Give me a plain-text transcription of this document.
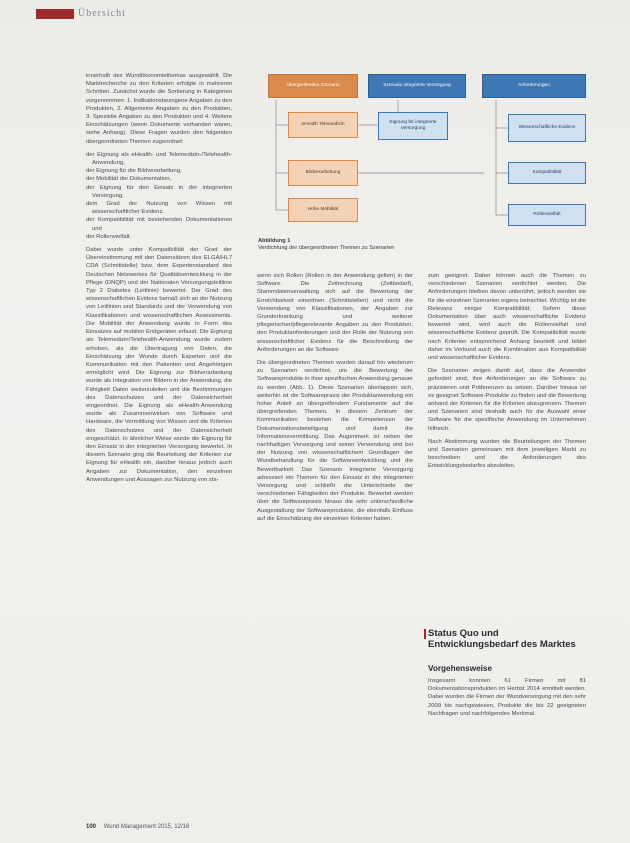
Übersicht

innerhalb des Wundökonomiethemas ausgewählt. Die Marktrecherche zu den Kriterien erfolgte in mehreren Schritten. Zunächst wurde die Sortierung in Kategorien vorgenommen: 1. Indikationsbezogene Angaben zu den Produkten, 2. Allgemeine Angaben zu den Produkten, 3. Spezielle Angaben zu den Produkten und 4. Weitere Einschätzungen (wenn Dokumente vorhanden waren, siehe Anhang). Diese Fragen wurden den folgenden übergeordneten Themen zugeordnet:

der Eignung als eHealth- und Telemedizin-/Telehealth-Anwendung,
der Eignung für die Bildverarbeitung,
der Mobilität der Dokumentation,
der Eignung für den Einsatz in der integrierten Versorgung,
dem Grad der Nutzung von Wissen mit wissenschaftlicher Evidenz,
der Kompatibilität mit bestehenden Dokumentationen und
der Rollenvielfalt.

Dabei wurde unter Kompatibilität der Grad der Übereinstimmung mit den Datensätzen des ELGA/HL7 CDA (Schnittstelle) bzw. dem Expertenstandard des Deutschen Netzwerkes für Qualitätsentwicklung in der Pflege (DNQP) und der Nationalen Versorgungsleitlinie Typ 2 Diabetes (Leitlinie) bewertet. Der Grad des wissenschaftlichen Evidenz bemaß sich an der Nutzung von Leitlinien und Standards und der Verwendung von Klassifikationen und wissenschaftlichen Assessments. Die Mobilität der Anwendung wurde in Form des Einsatzes auf mobilen Endgeräten erfasst. Die Eignung als Telemedizin/Telehealth-Anwendung wurde zudem erhoben, als die Übertragung von Daten, die Einschätzung der Wunde durch Experten und die Kommunikation mit den Patienten und Angehörigen ermöglicht wird. Die Eignung zur Bildverarbeitung wurde als Integration von Bildern in der Anwendung, die Fähigkeit Daten weiterzuleiten und die Bestimmungen des Datenschutzes und der Datensicherheit eingeordnet. Die Eignung als eHealth-Anwendung wurde als Zusammenwirken von Software und Hardware, die Vermittlung von Wissen und die Kriterien des Datenschutzes und der Datensicherheit eingeschätzt. In ähnlicher Weise wurde die Eignung für den Einsatz in der integrierten Versorgung bewertet. In diesem Szenario ging die Beurteilung der Kriterien zur Eignung für eHealth ein, darüber hinaus jedoch auch Angaben zur Dokumentation, den einzelnen Anwendungen und Aussagen zur Nutzung von sta-

Übergreifendes Szenario	Szenario integrierte Versorgung	Anforderungen
eHealth Telemedizin
Bildverarbeitung
Hohe Mobilität
Eignung für integrierte Versorgung	Wissenschaftliche Evidenz
Kompatibilität
Rollenvielfalt
Abbildung 1
Verdichtung der übergeordneten Themen zu Szenarien

wenn sich Rollen (Rollen in der Anwendung gelten) in der Software. Die Zeitrechnung (Zeitbedarf), Stammdatenverwaltung sich auf die Bewertung der Erreichbarkeit einordnen (Schnittstellen) und nicht die Verwendung von Klassifikationen, der Angaben zur Grunderkrankung und weiterer pflegerischer/pflegerelevante Angaben zu den Produkten, den Produktanforderungen und der Rolle der Nutzung von wissenschaftlicher Evidenz für die Beschreibung der Anforderungen an die Software.

Die übergeordneten Themen wurden darauf hin wiederum zu Szenarien verdichtet, um die Bewertung der Softwareprodukte in ihrer spezifischen Anwendung genauer zu werden (Abb. 1). Diese Szenarien überlappen sich, weiterhin ist die Softwarepraxis der Produktanwendung ein hoher Anteil an übergreifendem Fundamente auf die übergreifenden Themen. In diesem Zentrum der Kommunikation bestehen die Kompetenzen der Dokumentationsbeteiligung und damit die Informationsvermittlung. Das Augenmerk ist neben der nachhaltigen Versorgung und seiner Verwendung und bei der Nutzung von wissenschaftlichem Grundlagen der Wundbehandlung für die Softwareentwicklung und die Bewertbarkeit. Das Szenario Integrierte Versorgung adressiert ein Themen für den Einsatz in der integrierten Versorgung und schließt die Unterschiede der verschiedenen Fähigkeiten der Produkte. Bewertet werden über die Softwarepraxis hinaus die sehr unterschiedliche Ausgestaltung der Softwareprodukte, die ebenfalls Einfluss auf die Einschätzung der einzelnen Kriterien haben.

zum geeignet. Daher können auch die Themen zu verschiedenen Szenarien verdichtet werden. Die Anforderungen bleiben davon unberührt, jedoch werden sie für die einzelnen Szenarien eigens betrachtet. Wichtig ist die Relevanz einiger Kompatibilität; Sofern diese Dokumentation über auch wissenschaftliche Evidenz bewertet wird, wird auch die Rollenvielfalt und wissenschaftliche Evidenz geprüft. Die Kompatibilität wurde nach Kriterien entsprechend Anhang beurteilt und bildet daher im Verbund auch die Kombination aus Kompatibilität und wissenschaftlicher Evidenz.

Die Szenarien zeigen damit auf, dass die Anwender gefordert sind, ihre Anforderungen an die Software zu präzisieren und Präferenzen zu setzen. Darüber hinaus ist es geeignet Software-Produkte zu finden und die Bewertung anhand der Kriterien für die Kriterien abzugrenzen. Themen und Szenarien sind deshalb auch für die Auswahl einer Software für die spezifische Anwendung im Unternehmen hilfreich.

Nach Abstimmung wurden die Beurteilungen der Themen und Szenarien gemeinsam mit dem jeweiligen Markt zu beschreiben und die Anforderungen des Entwicklungsbedarfes abzuleiten.

Status Quo und Entwicklungsbedarf des Marktes
Vorgehensweise

Insgesamt konnten 61 Firmen mit 81 Dokumentationsprodukten im Herbst 2014 ermittelt werden. Dabei wurden die Firmen der Wundversorgung mit den sehr 2009 bis nachgewiesen, Produkte die bis 22 geeigneten Nachfragen und nachfolgendes Merkmal.

100 Wund Management 2015, 12/16
